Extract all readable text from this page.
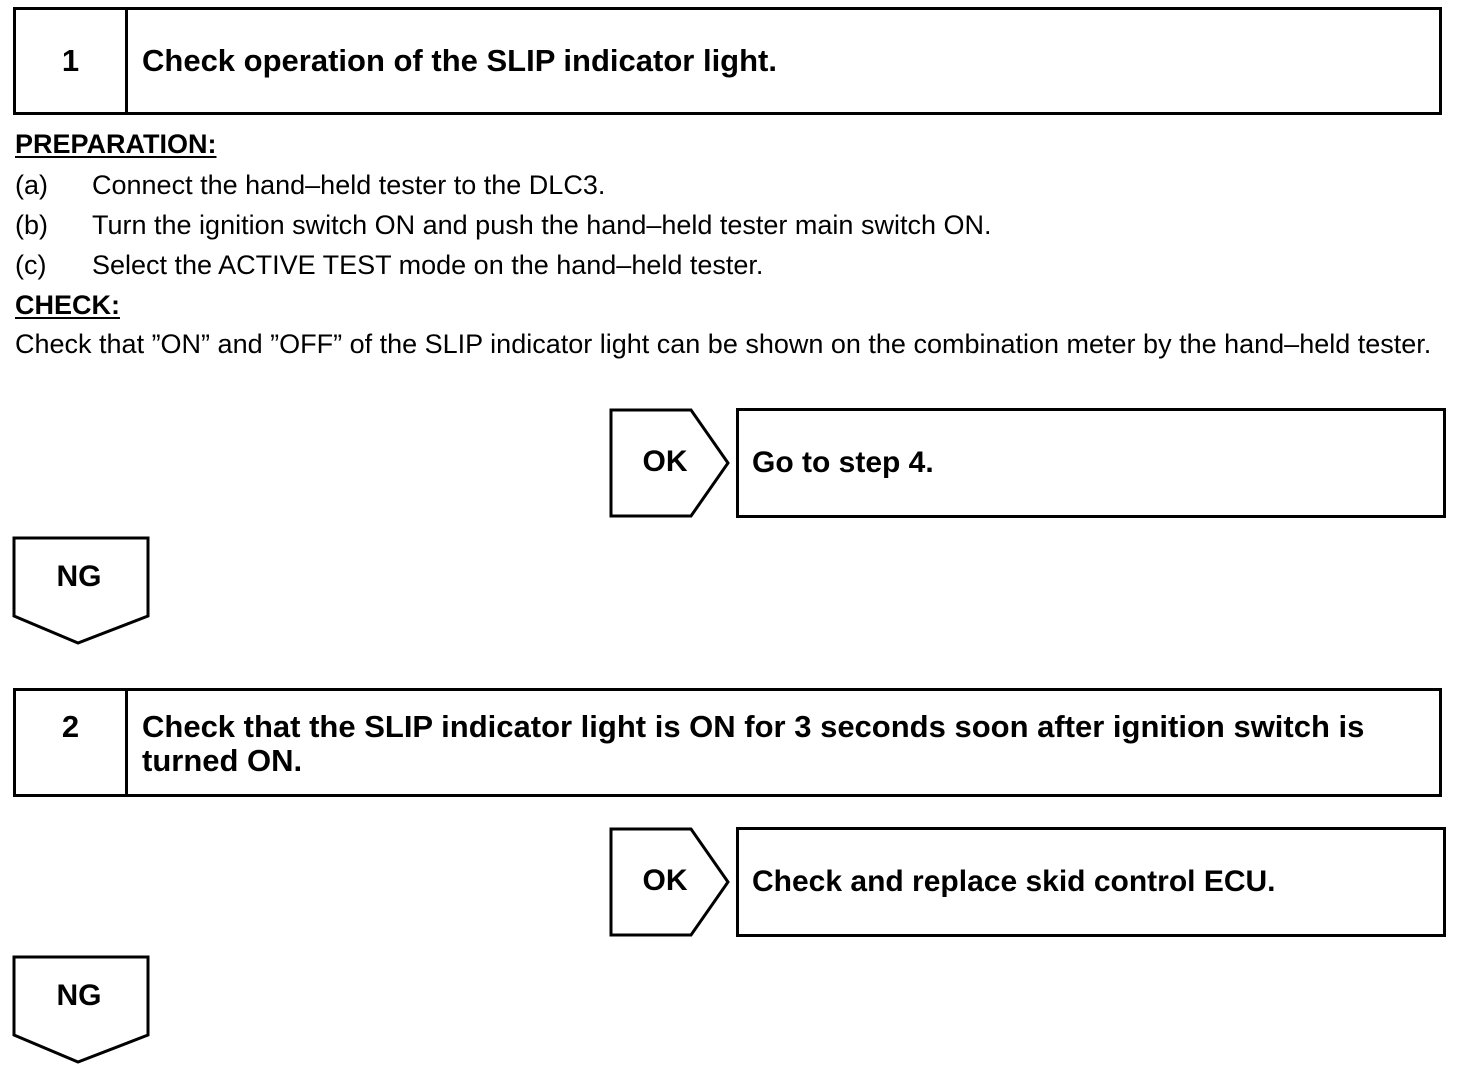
1	Check operation of the SLIP indicator light.
PREPARATION:
(a) Connect the hand–held tester to the DLC3.
(b) Turn the ignition switch ON and push the hand–held tester main switch ON.
(c) Select the ACTIVE TEST mode on the hand–held tester.
CHECK:
Check that ”ON” and ”OFF” of the SLIP indicator light can be shown on the combination meter by the hand–held tester.
OK	Go to step 4.
NG
2	Check that the SLIP indicator light is ON for 3 seconds soon after ignition switch is turned ON.
OK	Check and replace skid control ECU.
NG
